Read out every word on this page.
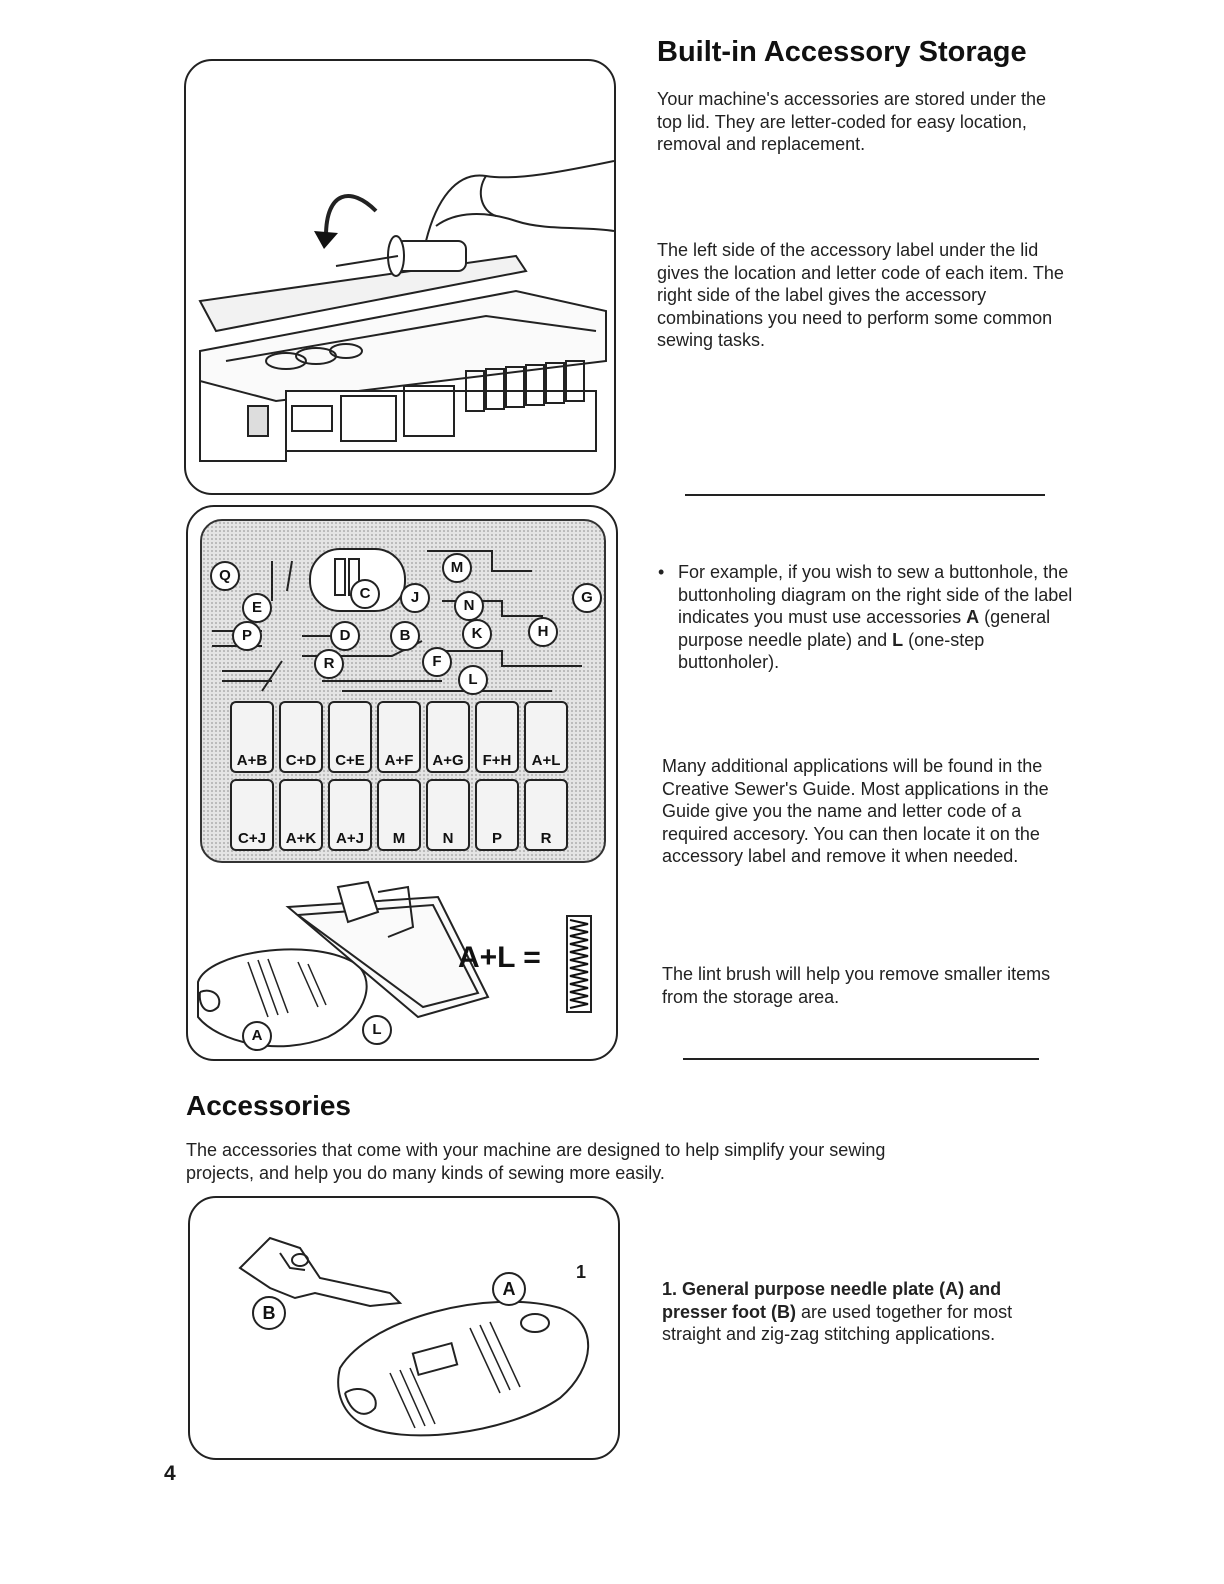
Built-in Accessory Storage
Your machine's accessories are stored under the top lid. They are letter-coded for easy location, removal and replacement.
The left side of the accessory label under the lid gives the location and letter code of each item. The right side of the label gives the accessory combinations you need to perform some common sewing tasks.
• For example, if you wish to sew a buttonhole, the buttonholing diagram on the right side of the label indicates you must use accessories A (general purpose needle plate) and L (one-step buttonholer).
Many additional applications will be found in the Creative Sewer's Guide. Most applications in the Guide give you the name and letter code of a required accesory. You can then locate it on the accessory label and remove it when needed.
The lint brush will help you remove smaller items from the storage area.
Q
E
P
C	J
M
N	G
D	B	K	H
R	F
L
A+B	C+D	C+E	A+F	A+G	F+H	A+L
C+J	A+K	A+J	M	N	P	R
A	L
A+L =
Accessories
The accessories that come with your machine are designed to help simplify your sewing projects, and help you do many kinds of sewing more easily.
A
B
1
1. General purpose needle plate (A) and presser foot (B) are used together for most straight and zig-zag stitching applications.
4
